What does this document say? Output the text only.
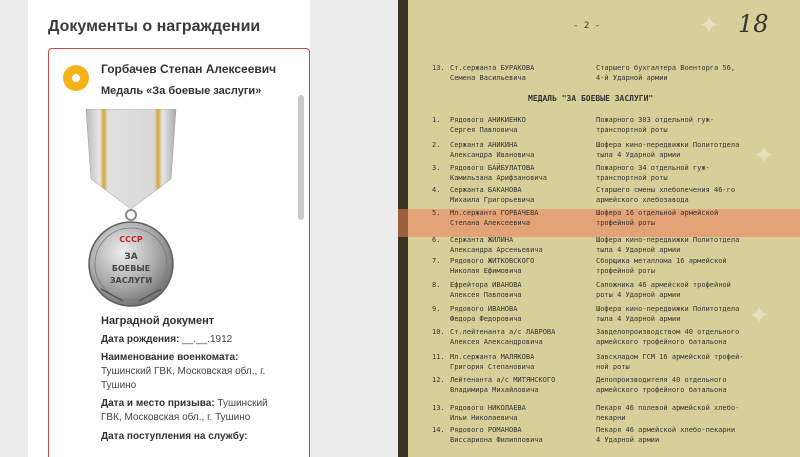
Документы о награждении
Горбачев Степан Алексеевич
Медаль «За боевые заслуги»
СССР
ЗА
БОЕВЫЕ
ЗАСЛУГИ
Наградной документ
Дата рождения: __.__.1912
Наименование военкомата:
Тушинский ГВК, Московская обл., г. Тушино
Дата и место призыва: Тушинский ГВК, Московская обл., г. Тушино
Дата поступления на службу:
- 2 -	18
✦
✦
✦
МЕДАЛЬ "ЗА БОЕВЫЕ ЗАСЛУГИ"
13. Ст.сержанта БУРАКОВА
Семена Васильевича
Старшего бухгалтера Военторга 56,
4-й Ударной армии
1. Рядового АНИКИЕНКО
Сергея Павловича
Пожарного 303 отдельной гуж-
транспортной роты
2. Сержанта АНИКИНА
Александра Ивановича
Шофера кино-передвижки Политотдела
тыла 4 Ударной армии
3. Рядового БАЙБУЛАТОВА
Камильзана Арифзановича
Пожарного 34 отдельной гуж-
транспортной роты
4. Сержанта БАКАНОВА
Михаила Григорьевича
Старшего смены хлебопечения 46-го
армейского хлебозавода
5. Мл.сержанта ГОРБАЧЕВА
Степана Алексеевича
Шофера 16 отдельной армейской
трофейной роты
6. Сержанта ЖИЛИНА
Александра Арсеньевича
Шофера кино-передвижки Политотдела
тыла 4 Ударной армии
7. Рядового ЖИТКОВСКОГО
Николая Ефимовича
Сборщика металлома 16 армейской
трофейной роты
8. Ефрейтора ИВАНОВА
Алексея Павловича
Сапожника 46 армейской трофейной
роты 4 Ударной армии
9. Рядового ИВАНОВА
Федора Федоровича
Шофера кино-передвижки Политотдела
тыла 4 Ударной армии
10. Ст.лейтенанта а/с ЛАВРОВА
Алексея Александровича
Завделопроизводством 40 отдельного
армейского трофейного батальона
11. Мл.сержанта МАЛЯКОВА
Григория Степановича
Завскладом ГСМ 16 армейской трофей-
ной роты
12. Лейтенанта а/с МИТЯНСКОГО
Владимира Михайловича
Делопроизводителя 40 отдельного
армейского трофейного батальона
13. Рядового НИКОЛАЕВА
Ильи Николаевича
Пекаря 46 полевой армейской хлебо-
пекарни
14. Рядового РОМАНОВА
Виссариона Филипповича
Пекаря 46 армейской хлебо-пекарни
4 Ударной армии
